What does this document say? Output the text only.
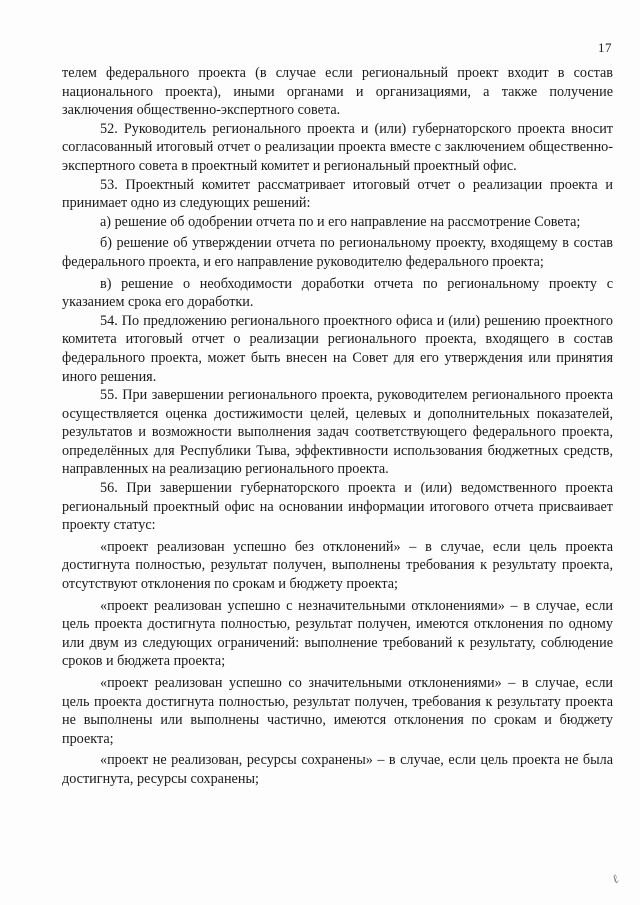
17

телем федерального проекта (в случае если региональный проект входит в состав национального проекта), иными органами и организациями, а также получение заключения общественно-экспертного совета.

52. Руководитель регионального проекта и (или) губернаторского проекта вносит согласованный итоговый отчет о реализации проекта вместе с заключением общественно-экспертного совета в проектный комитет и региональный проектный офис.

53. Проектный комитет рассматривает итоговый отчет о реализации проекта и принимает одно из следующих решений:

а) решение об одобрении отчета по и его направление на рассмотрение Совета;

б) решение об утверждении отчета по региональному проекту, входящему в состав федерального проекта, и его направление руководителю федерального проекта;

в) решение о необходимости доработки отчета по региональному проекту с указанием срока его доработки.

54. По предложению регионального проектного офиса и (или) решению проектного комитета итоговый отчет о реализации регионального проекта, входящего в состав федерального проекта, может быть внесен на Совет для его утверждения или принятия иного решения.

55. При завершении регионального проекта, руководителем регионального проекта осуществляется оценка достижимости целей, целевых и дополнительных показателей, результатов и возможности выполнения задач соответствующего федерального проекта, определённых для Республики Тыва, эффективности использования бюджетных средств, направленных на реализацию регионального проекта.

56. При завершении губернаторского проекта и (или) ведомственного проекта региональный проектный офис на основании информации итогового отчета присваивает проекту статус:

«проект реализован успешно без отклонений» – в случае, если цель проекта достигнута полностью, результат получен, выполнены требования к результату проекта, отсутствуют отклонения по срокам и бюджету проекта;

«проект реализован успешно с незначительными отклонениями» – в случае, если цель проекта достигнута полностью, результат получен, имеются отклонения по одному или двум из следующих ограничений: выполнение требований к результату, соблюдение сроков и бюджета проекта;

«проект реализован успешно со значительными отклонениями» – в случае, если цель проекта достигнута полностью, результат получен, требования к результату проекта не выполнены или выполнены частично, имеются отклонения по срокам и бюджету проекта;

«проект не реализован, ресурсы сохранены» – в случае, если цель проекта не была достигнута, ресурсы сохранены;

ℓ
